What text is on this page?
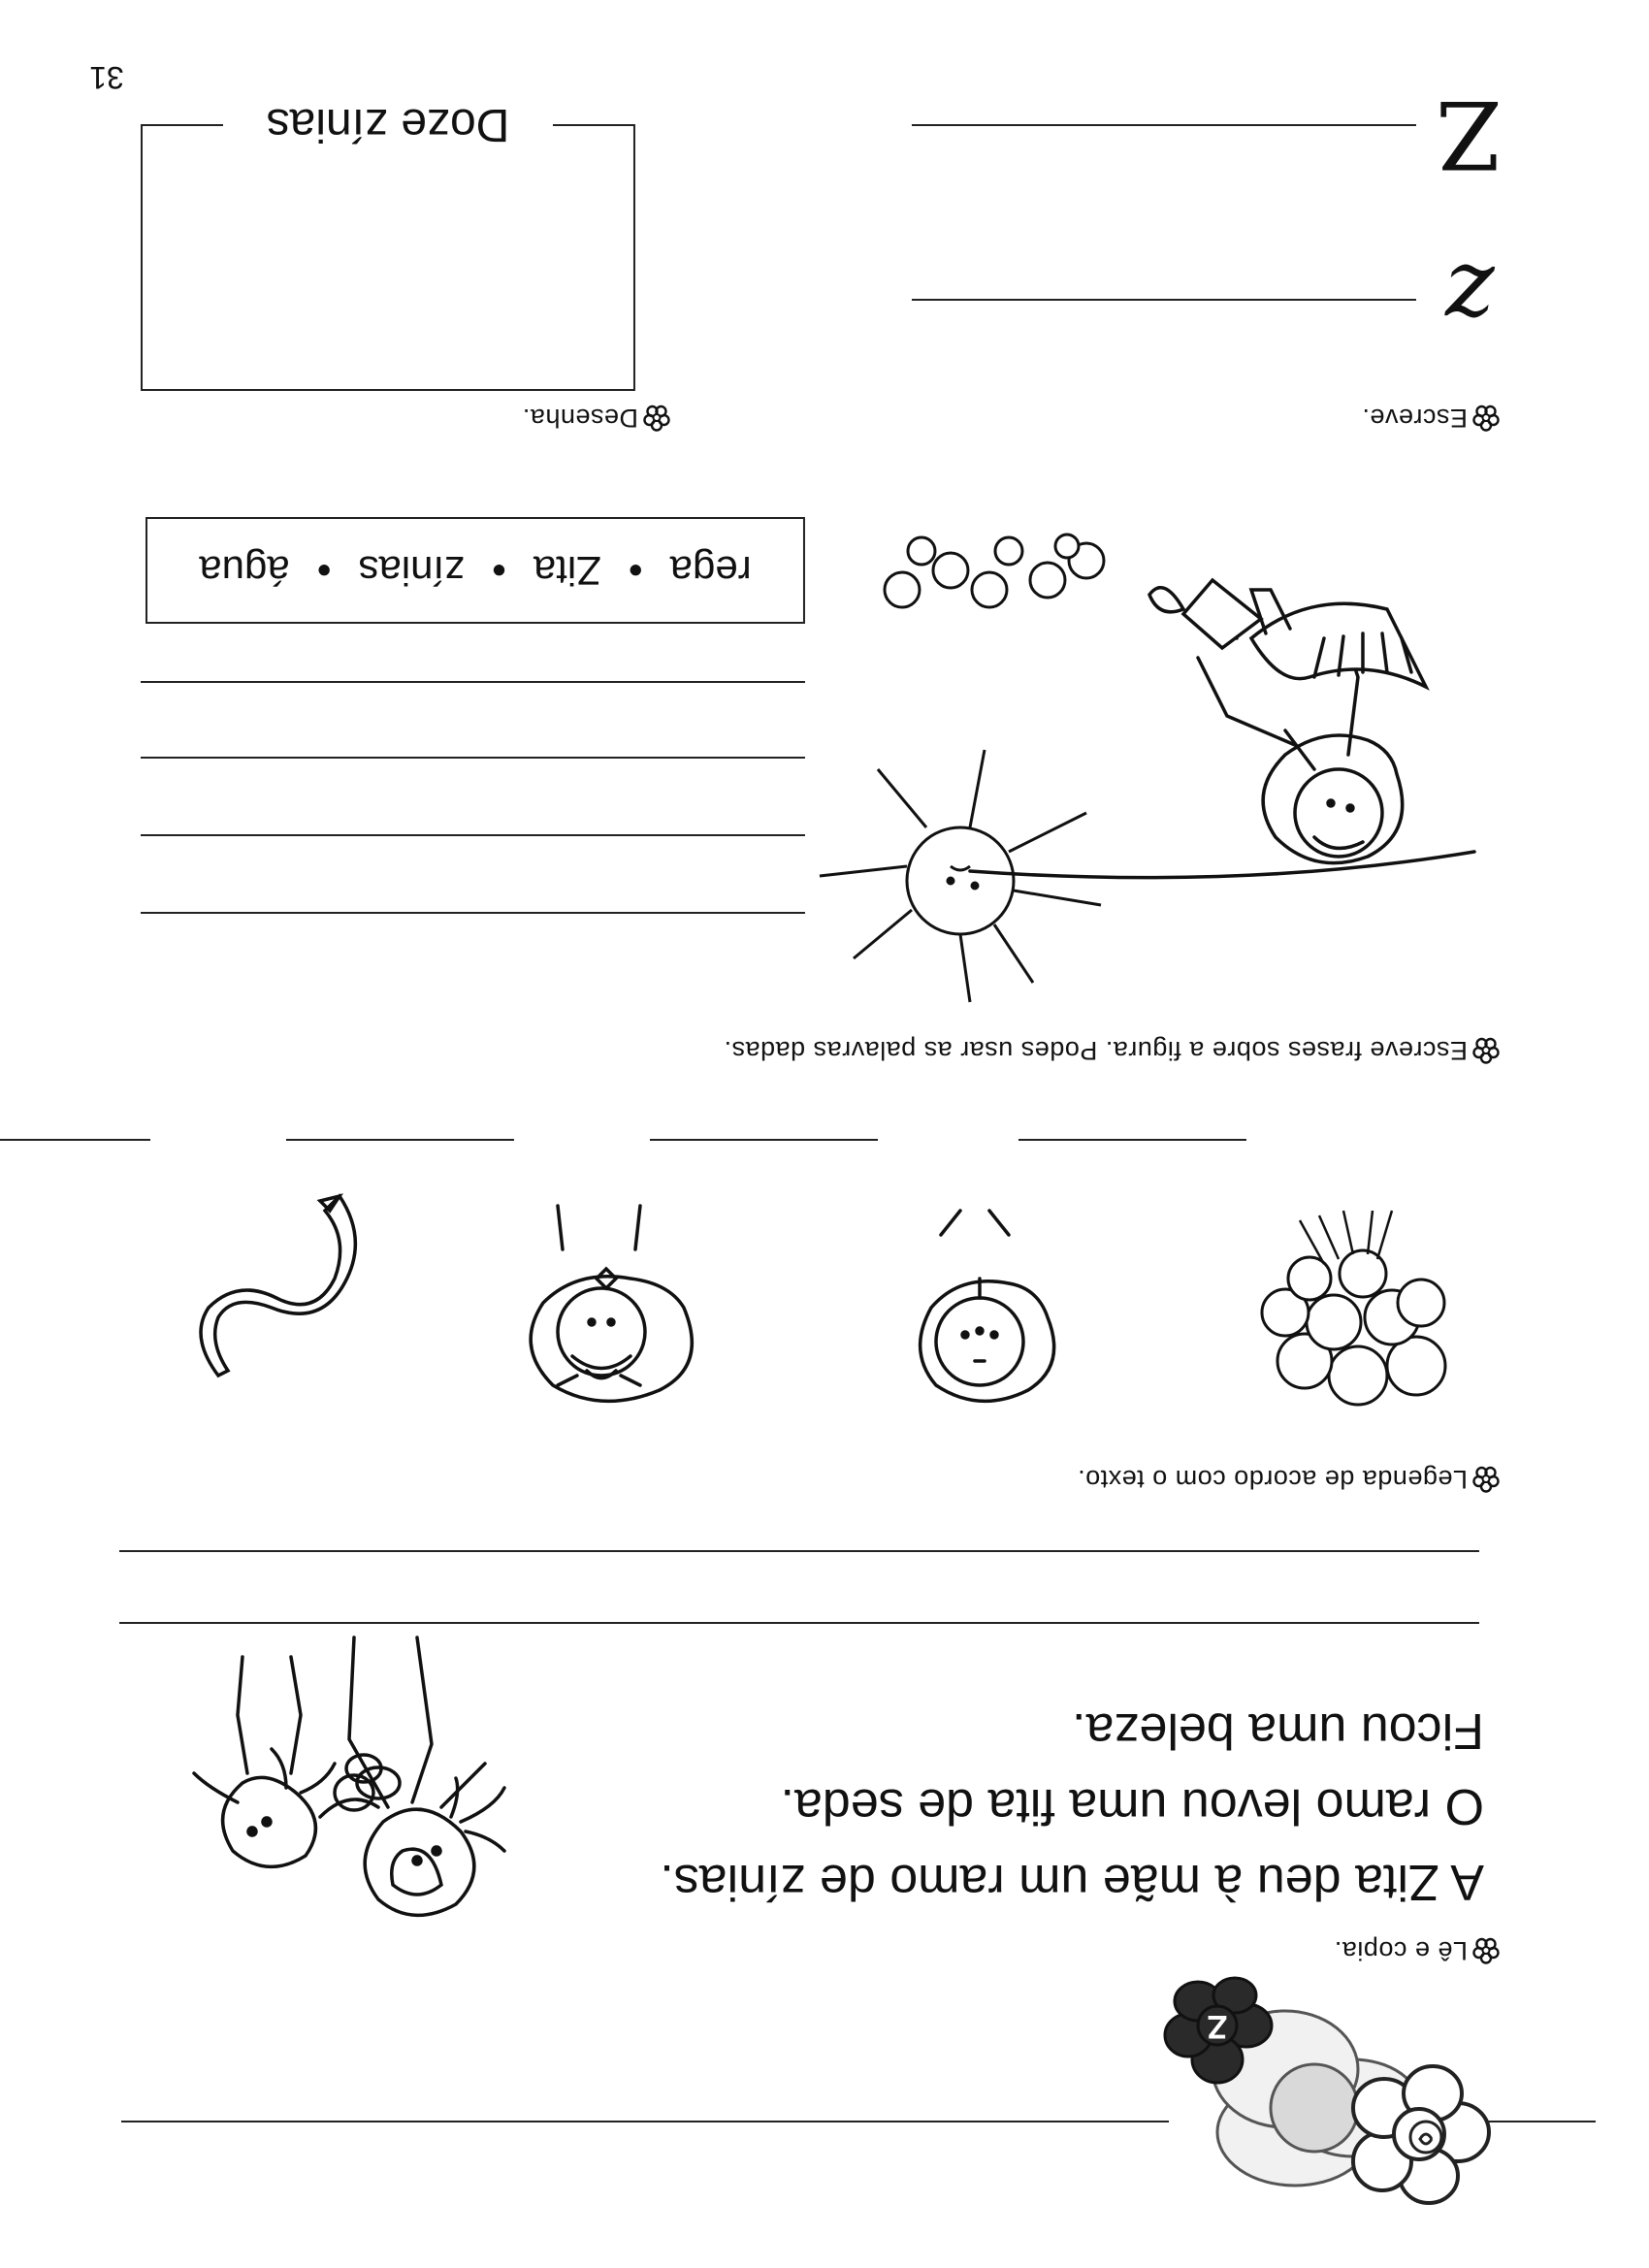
Z
Lê e copia.
A Zita deu à mãe um ramo de zínias.
O ramo levou uma fita de seda.
Ficou uma beleza.
Legenda de acordo com o texto.
Escreve frases sobre a figura. Podes usar as palavras dadas.
rega
•
Zita
•
zínias
•
água
Escreve.
Desenha.
z
Z
Doze zínias
31
